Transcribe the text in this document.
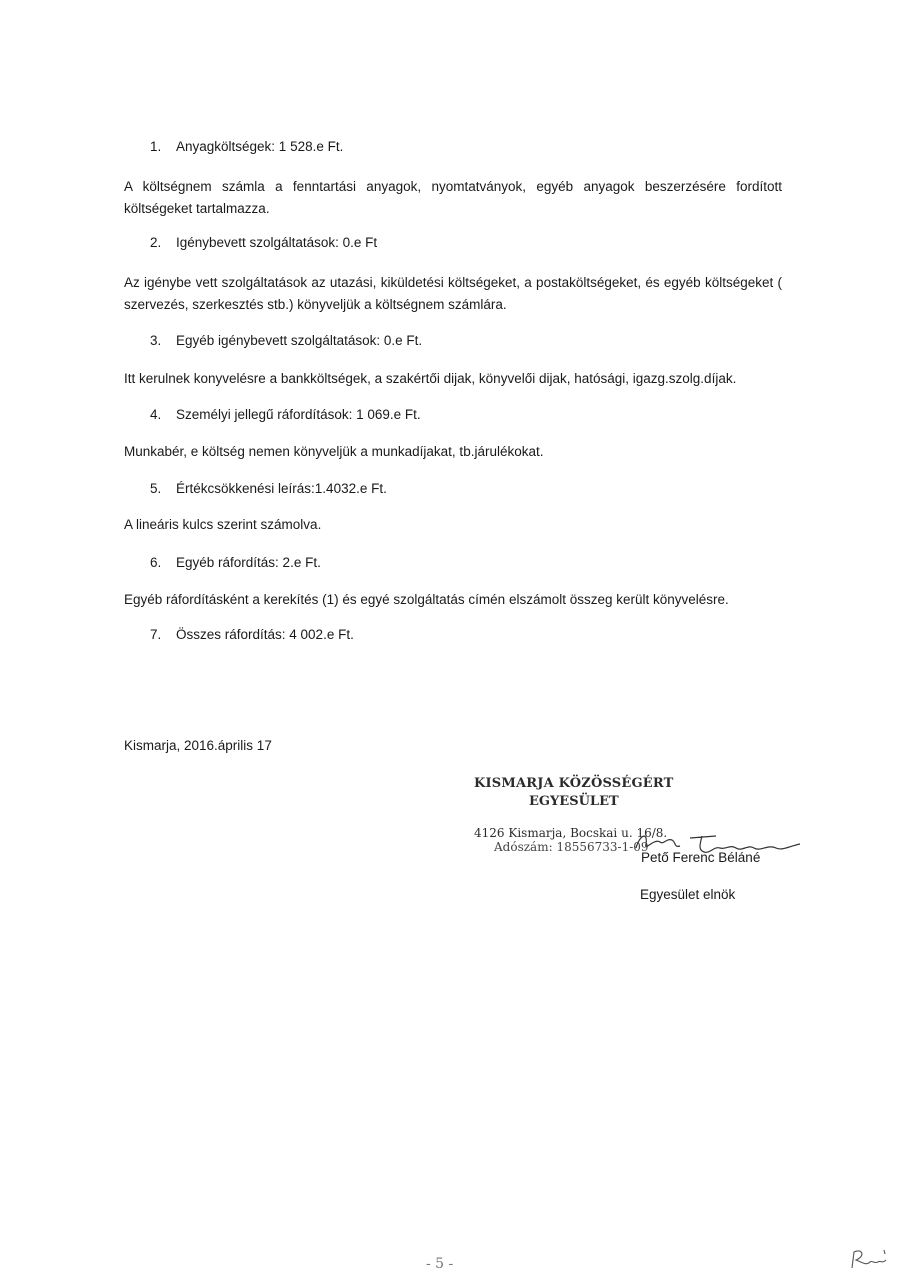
1. Anyagköltségek: 1 528.e Ft.
A költségnem számla a fenntartási anyagok, nyomtatványok, egyéb anyagok beszerzésére fordított költségeket tartalmazza.
2. Igénybevett szolgáltatások: 0.e Ft
Az igénybe vett szolgáltatások az utazási, kiküldetési költségeket, a postaköltségeket, és egyéb költségeket ( szervezés, szerkesztés stb.) könyveljük a költségnem számlára.
3. Egyéb igénybevett szolgáltatások: 0.e Ft.
Itt kerulnek konyvelésre a bankköltségek, a szakértői dijak, könyvelői dijak, hatósági, igazg.szolg.díjak.
4. Személyi jellegű ráfordítások: 1 069.e Ft.
Munkabér, e költség nemen könyveljük a munkadíjakat, tb.járulékokat.
5. Értékcsökkenési leírás:1.4032.e Ft.
A lineáris kulcs szerint számolva.
6. Egyéb ráfordítás: 2.e Ft.
Egyéb ráfordításként a kerekítés (1) és egyé szolgáltatás címén elszámolt összeg került könyvelésre.
7. Összes ráfordítás: 4 002.e Ft.
Kismarja, 2016.április 17
KISMARJA KÖZÖSSÉGÉRT
EGYESÜLET
4126 Kismarja, Bocskai u. 16/8.
Adószám: 18556733-1-09
Pető Ferenc Béláné
Egyesület elnök
- 5 -
